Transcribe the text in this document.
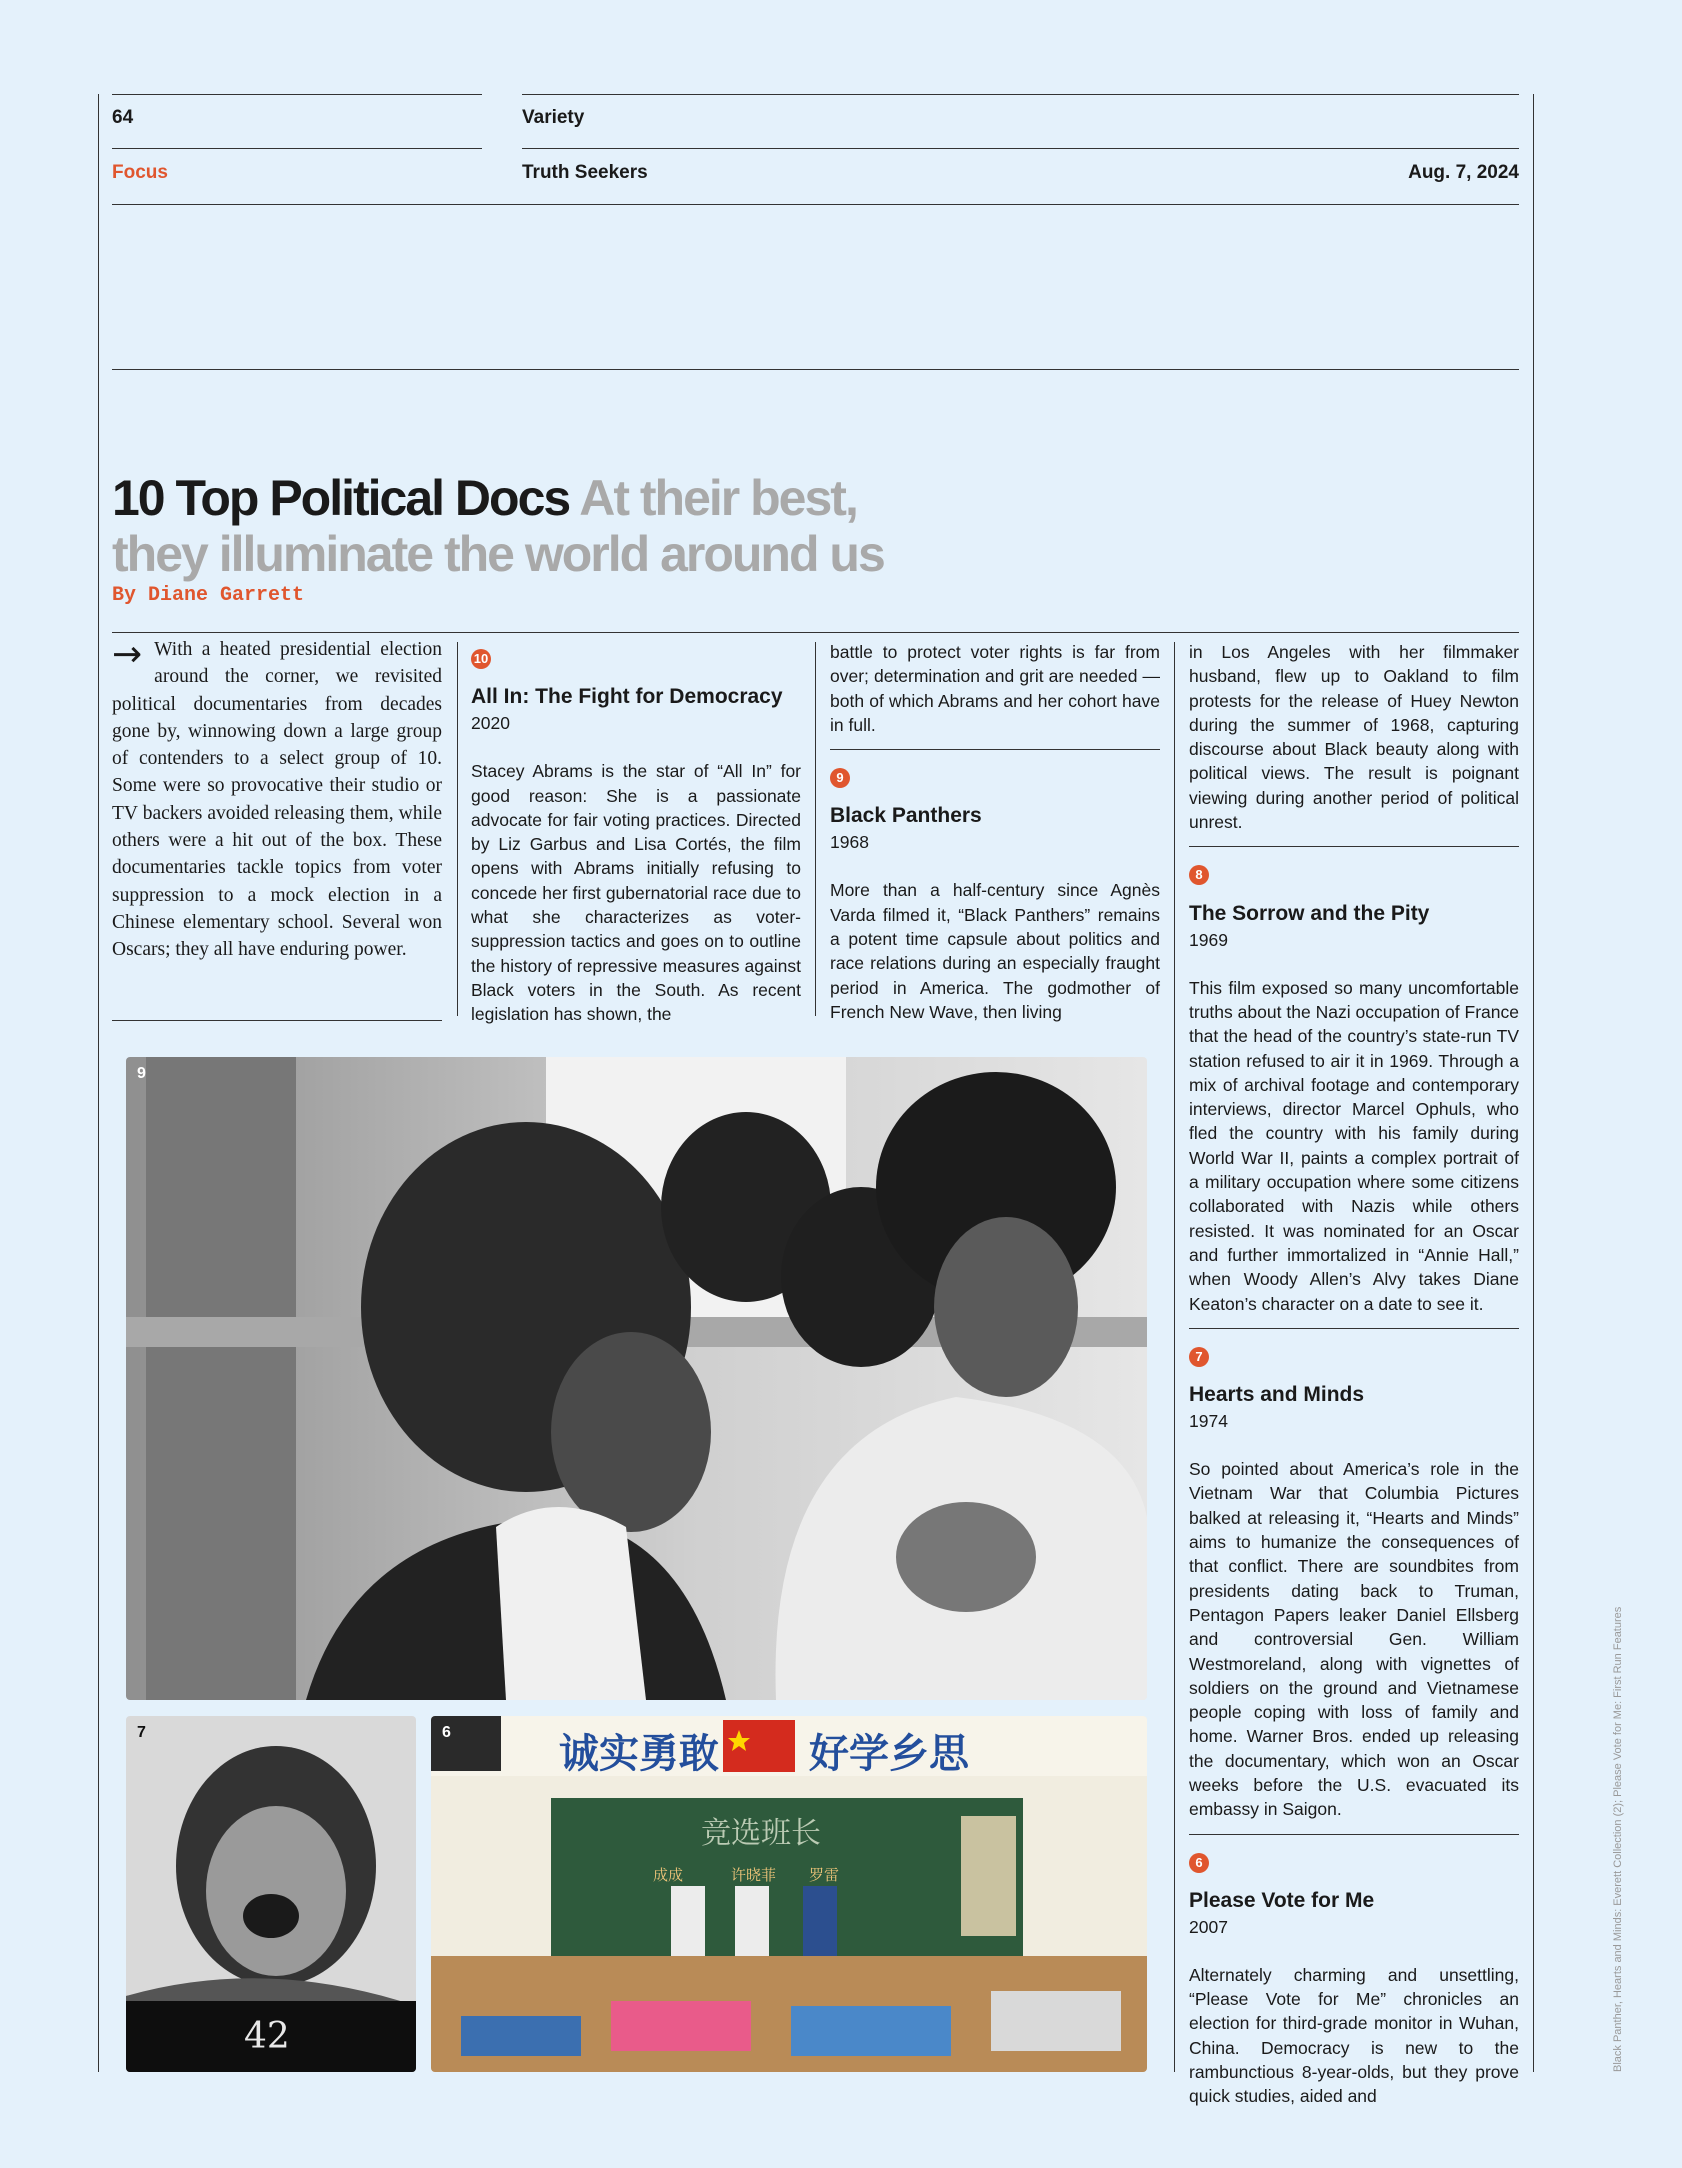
64	Variety
Focus	Truth Seekers	Aug. 7, 2024
10 Top Political Docs At their best,
they illuminate the world around us
By Diane Garrett
→ With a heated presidential election around the corner, we revisited political documentaries from decades gone by, winnowing down a large group of contenders to a select group of 10. Some were so provocative their studio or TV backers avoided releasing them, while others were a hit out of the box. These documentaries tackle topics from voter suppression to a mock election in a Chinese elementary school. Several won Oscars; they all have enduring power.
10
All In: The Fight for Democracy
2020

Stacey Abrams is the star of “All In” for good reason: She is a passionate advocate for fair voting practices. Directed by Liz Garbus and Lisa Cortés, the film opens with Abrams initially refusing to concede her first gubernatorial race due to what she characterizes as voter-suppression tactics and goes on to outline the history of repressive measures against Black voters in the South. As recent legislation has shown, the

battle to protect voter rights is far from over; determination and grit are needed — both of which Abrams and her cohort have in full.

9
Black Panthers
1968

More than a half-century since Agnès Varda filmed it, “Black Panthers” remains a potent time capsule about politics and race relations during an especially fraught period in America. The godmother of French New Wave, then living

in Los Angeles with her filmmaker husband, flew up to Oakland to film protests for the release of Huey Newton during the summer of 1968, capturing discourse about Black beauty along with political views. The result is poignant viewing during another period of political unrest.

8
The Sorrow and the Pity
1969

This film exposed so many uncomfortable truths about the Nazi occupation of France that the head of the country’s state-run TV station refused to air it in 1969. Through a mix of archival footage and contemporary interviews, director Marcel Ophuls, who fled the country with his family during World War II, paints a complex portrait of a military occupation where some citizens collaborated with Nazis while others resisted. It was nominated for an Oscar and further immortalized in “Annie Hall,” when Woody Allen’s Alvy takes Diane Keaton’s character on a date to see it.

7
Hearts and Minds
1974

So pointed about America’s role in the Vietnam War that Columbia Pictures balked at releasing it, “Hearts and Minds” aims to humanize the consequences of that conflict. There are soundbites from presidents dating back to Truman, Pentagon Papers leaker Daniel Ellsberg and controversial Gen. William Westmoreland, along with vignettes of soldiers on the ground and Vietnamese people coping with loss of family and home. Warner Bros. ended up releasing the documentary, which won an Oscar weeks before the U.S. evacuated its embassy in Saigon.

6
Please Vote for Me
2007

Alternately charming and unsettling, “Please Vote for Me” chronicles an election for third-grade monitor in Wuhan, China. Democracy is new to the rambunctious 8-year-olds, but they prove quick studies, aided and

9
7
42
6	诚实勇敢 好学乡思
竞选班长
成成	许晓菲 罗雷	Black Panther, Hearts and Minds: Everett Collection (2); Please Vote for Me: First Run Features
